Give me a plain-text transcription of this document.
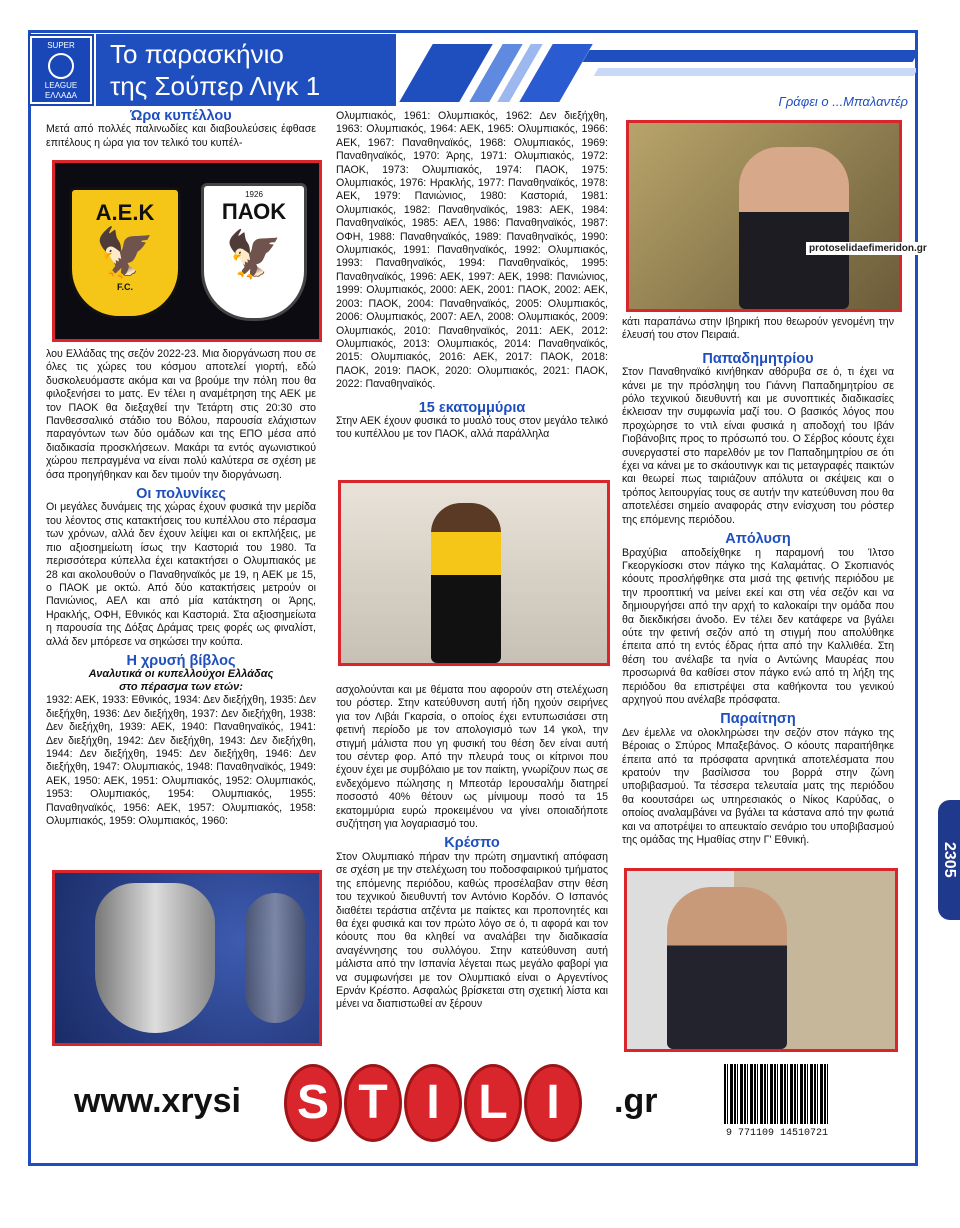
SUPER
LEAGUE
ΕΛΛΑΔΑ
Το παρασκήνιο
της Σούπερ Λιγκ 1
Γράφει ο ...Μπαλαντέρ

Ώρα κυπέλλου

Μετά από πολλές παλινωδίες και διαβουλεύσεις έφθασε επιτέλους η ώρα για τον τελικό του κυπέλ-

Α.Ε.Κ
🦅
F.C.
1926
ΠΑΟΚ
🦅

λου Ελλάδας της σεζόν 2022-23. Μια διοργάνωση που σε όλες τις χώρες του κόσμου αποτελεί γιορτή, εδώ δυσκολευόμαστε ακόμα και να βρούμε την πόλη που θα φιλοξενήσει το ματς. Εν τέλει η αναμέτρηση της ΑΕΚ με τον ΠΑΟΚ θα διεξαχθεί την Τετάρτη στις 20:30 στο Πανθεσσαλικό στάδιο του Βόλου, παρουσία ελάχιστων παραγόντων των δύο ομάδων και της ΕΠΟ μέσα από διαδικασία προσκλήσεων. Μακάρι τα εντός αγωνιστικού χώρου πεπραγμένα να είναι πολύ καλύτερα σε σχέση με όσα προηγήθηκαν και δεν τιμούν την διοργάνωση.

Οι πολυνίκες

Οι μεγάλες δυνάμεις της χώρας έχουν φυσικά την μερίδα του λέοντος στις κατακτήσεις του κυπέλλου στο πέρασμα των χρόνων, αλλά δεν έχουν λείψει και οι εκπλήξεις, με πιο αξιοσημείωτη ίσως την Καστοριά του 1980. Τα περισσότερα κύπελλα έχει κατακτήσει ο Ολυμπιακός με 28 και ακολουθούν ο Παναθηναϊκός με 19, η ΑΕΚ με 15, ο ΠΑΟΚ με οκτώ. Από δύο κατακτήσεις μετρούν οι Πανιώνιος, ΑΕΛ και από μία κατάκτηση οι Άρης, Ηρακλής, ΟΦΗ, Εθνικός και Καστοριά. Στα αξιοσημείωτα η παρουσία της Δόξας Δράμας τρεις φορές ως φιναλίστ, αλλά δεν μπόρεσε να σηκώσει την κούπα.

Η χρυσή βίβλος

Αναλυτικά οι κυπελλούχοι Ελλάδας

στο πέρασμα των ετών:

1932: ΑΕΚ, 1933: Εθνικός, 1934: Δεν διεξήχθη, 1935: Δεν διεξήχθη, 1936: Δεν διεξήχθη, 1937: Δεν διεξήχθη, 1938: Δεν διεξήχθη, 1939: ΑΕΚ, 1940: Παναθηναϊκός, 1941: Δεν διεξήχθη, 1942: Δεν διεξήχθη, 1943: Δεν διεξήχθη, 1944: Δεν διεξήχθη, 1945: Δεν διεξήχθη, 1946: Δεν διεξήχθη, 1947: Ολυμπιακός, 1948: Παναθηναϊκός, 1949: ΑΕΚ, 1950: ΑΕΚ, 1951: Ολυμπιακός, 1952: Ολυμπιακός, 1953: Ολυμπιακός, 1954: Ολυμπιακός, 1955: Παναθηναϊκός, 1956: ΑΕΚ, 1957: Ολυμπιακός, 1958: Ολυμπιακός, 1959: Ολυμπιακός, 1960:

Ολυμπιακός, 1961: Ολυμπιακός, 1962: Δεν διεξήχθη, 1963: Ολυμπιακός, 1964: ΑΕΚ, 1965: Ολυμπιακός, 1966: ΑΕΚ, 1967: Παναθηναϊκός, 1968: Ολυμπιακός, 1969: Παναθηναϊκός, 1970: Άρης, 1971: Ολυμπιακός, 1972: ΠΑΟΚ, 1973: Ολυμπιακός, 1974: ΠΑΟΚ, 1975: Ολυμπιακός, 1976: Ηρακλής, 1977: Παναθηναϊκός, 1978: ΑΕΚ, 1979: Πανιώνιος, 1980: Καστοριά, 1981: Ολυμπιακός, 1982: Παναθηναϊκός, 1983: ΑΕΚ, 1984: Παναθηναϊκός, 1985: ΑΕΛ, 1986: Παναθηναϊκός, 1987: ΟΦΗ, 1988: Παναθηναϊκός, 1989: Παναθηναϊκός, 1990: Ολυμπιακός, 1991: Παναθηναϊκός, 1992: Ολυμπιακός, 1993: Παναθηναϊκός, 1994: Παναθηναϊκός, 1995: Παναθηναϊκός, 1996: ΑΕΚ, 1997: ΑΕΚ, 1998: Πανιώνιος, 1999: Ολυμπιακός, 2000: ΑΕΚ, 2001: ΠΑΟΚ, 2002: ΑΕΚ, 2003: ΠΑΟΚ, 2004: Παναθηναϊκός, 2005: Ολυμπιακός, 2006: Ολυμπιακός, 2007: ΑΕΛ, 2008: Ολυμπιακός, 2009: Ολυμπιακός, 2010: Παναθηναϊκός, 2011: ΑΕΚ, 2012: Ολυμπιακός, 2013: Ολυμπιακός, 2014: Παναθηναϊκός, 2015: Ολυμπιακός, 2016: ΑΕΚ, 2017: ΠΑΟΚ, 2018: ΠΑΟΚ, 2019: ΠΑΟΚ, 2020: Ολυμπιακός, 2021: ΠΑΟΚ, 2022: Παναθηναϊκός.

15 εκατομμύρια

Στην ΑΕΚ έχουν φυσικά το μυαλό τους στον μεγάλο τελικό του κυπέλλου με τον ΠΑΟΚ, αλλά παράλληλα

ασχολούνται και με θέματα που αφορούν στη στελέχωση του ρόστερ. Στην κατεύθυνση αυτή ήδη ηχούν σειρήνες για τον Λιβάι Γκαρσία, ο οποίος έχει εντυπωσιάσει στη φετινή περίοδο με τον απολογισμό των 14 γκολ, την στιγμή μάλιστα που γη φυσική του θέση δεν είναι αυτή του σέντερ φορ. Από την πλευρά τους οι κίτρινοι που έχουν έχει με συμβόλαιο με τον παίκτη, γνωρίζουν πως σε ενδεχόμενο πώλησης η Μπεοτάρ Ιερουσαλήμ διατηρεί ποσοστό 40% θέτουν ως μίνιμουμ ποσό τα 15 εκατομμύρια ευρώ προκειμένου να γίνει οποιαδήποτε συζήτηση για λογαριασμό του.

Κρέσπο

Στον Ολυμπιακό πήραν την πρώτη σημαντική απόφαση σε σχέση με την στελέχωση του ποδοσφαιρικού τμήματος της επόμενης περιόδου, καθώς προσέλαβαν στην θέση του τεχνικού διευθυντή τον Αντόνιο Κορδόν. Ο Ισπανός διαθέτει τεράστια ατζέντα με παίκτες και προπονητές και θα έχει φυσικά και τον πρώτο λόγο σε ό, τι αφορά και τον κόουτς που θα κληθεί να αναλάβει την διαδικασία αναγέννησης του συλλόγου. Στην κατεύθυνση αυτή μάλιστα από την Ισπανία λέγεται πως μεγάλο φαβορί για να συμφωνήσει με τον Ολυμπιακό είναι ο Αργεντίνος Ερνάν Κρέσπο. Ασφαλώς βρίσκεται στη σχετική λίστα και μένει να διαπιστωθεί αν ξέρουν

protoselidaefimeridon.gr

κάτι παραπάνω στην Ιβηρική που θεωρούν γενομένη την έλευσή του στον Πειραιά.

Παπαδημητρίου

Στον Παναθηναϊκό κινήθηκαν αθόρυβα σε ό, τι έχει να κάνει με την πρόσληψη του Γιάννη Παπαδημητρίου σε ρόλο τεχνικού διευθυντή και με συνοπτικές διαδικασίες έκλεισαν την συμφωνία μαζί του. Ο βασικός λόγος που προχώρησε το ντιλ είναι φυσικά η αποδοχή του Ιβάν Γιοβάνοβιτς προς το πρόσωπό του. Ο Σέρβος κόουτς έχει συνεργαστεί στο παρελθόν με τον Παπαδημητρίου σε ότι έχει να κάνει με το σκάουτινγκ και τις μεταγραφές παικτών και θεωρεί πως ταιριάζουν απόλυτα οι σκέψεις και ο τρόπος λειτουργίας τους σε αυτήν την κατεύθυνση που θα αποτελέσει σημείο αναφοράς στην ενίσχυση του ρόστερ της επόμενης περιόδου.

Απόλυση

Βραχύβια αποδείχθηκε η παραμονή του Ίλτσο Γκεοργκίοσκι στον πάγκο της Καλαμάτας. Ο Σκοπιανός κόουτς προσλήφθηκε στα μισά της φετινής περιόδου με την προοπτική να μείνει εκεί και στη νέα σεζόν και να δημιουργήσει από την αρχή το καλοκαίρι την ομάδα που θα διεκδικήσει άνοδο. Εν τέλει δεν κατάφερε να βγάλει ούτε την φετινή σεζόν από τη στιγμή που απολύθηκε έπειτα από τη εντός έδρας ήττα από την Καλλιθέα. Στη θέση του ανέλαβε τα ηνία ο Αντώνης Μαυρέας που προσωρινά θα καθίσει στον πάγκο ενώ από τη λήξη της περιόδου θα επιστρέψει στα καθήκοντα του γενικού αρχηγού που ανέλαβε πρόσφατα.

Παραίτηση

Δεν έμελλε να ολοκληρώσει την σεζόν στον πάγκο της Βέροιας ο Σπύρος Μπαξεβάνος. Ο κόουτς παραιτήθηκε έπειτα από τα πρόσφατα αρνητικά αποτελέσματα που κρατούν την βασίλισσα του βορρά στην ζώνη υποβιβασμού. Τα τέσσερα τελευταία ματς της περιόδου θα κοουτσάρει ως υπηρεσιακός ο Νίκος Καρύδας, ο οποίος αναλαμβάνει να βγάλει τα κάστανα από την φωτιά και να αποτρέψει το απευκταίο σενάριο του υποβιβασμού της ομάδας της Ημαθίας στην Γ' Εθνική.

www.xrysi S T I L I	.gr
9 771109 145107 21
2305
